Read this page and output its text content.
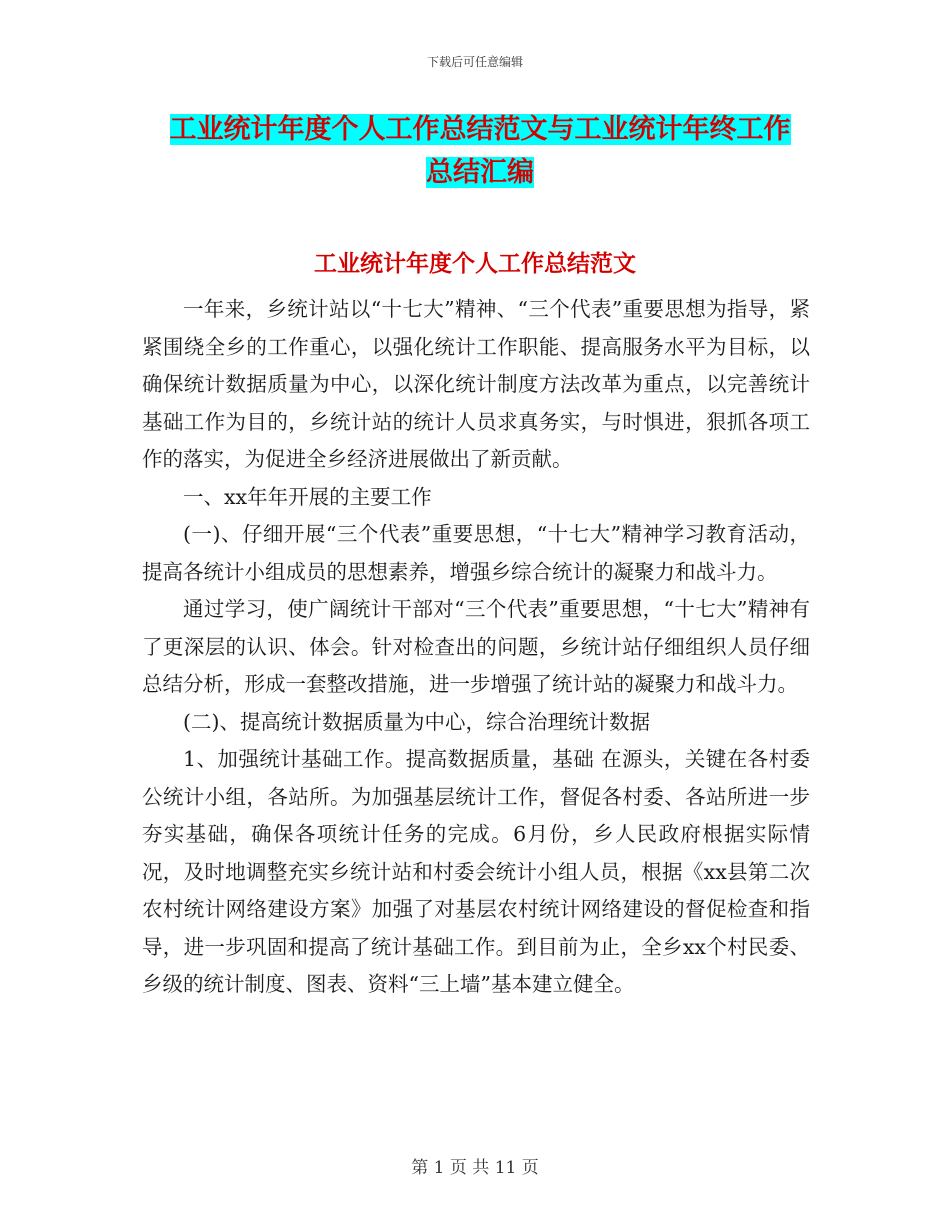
下载后可任意编辑
工业统计年度个人工作总结范文与工业统计年终工作
总结汇编
工业统计年度个人工作总结范文

一年来，乡统计站以“十七大”精神、“三个代表”重要思想为指导，紧紧围绕全乡的工作重心，以强化统计工作职能、提高服务水平为目标，以确保统计数据质量为中心，以深化统计制度方法改革为重点，以完善统计基础工作为目的，乡统计站的统计人员求真务实，与时惧进，狠抓各项工作的落实，为促进全乡经济进展做出了新贡献。

一、xx年年开展的主要工作

(一)、仔细开展“三个代表”重要思想，“十七大”精神学习教育活动，提高各统计小组成员的思想素养，增强乡综合统计的凝聚力和战斗力。

通过学习，使广阔统计干部对“三个代表”重要思想，“十七大”精神有了更深层的认识、体会。针对检查出的问题，乡统计站仔细组织人员仔细总结分析，形成一套整改措施，进一步增强了统计站的凝聚力和战斗力。

(二)、提高统计数据质量为中心，综合治理统计数据

1、加强统计基础工作。提高数据质量，基础 在源头，关键在各村委公统计小组，各站所。为加强基层统计工作，督促各村委、各站所进一步夯实基础，确保各项统计任务的完成。6月份，乡人民政府根据实际情况，及时地调整充实乡统计站和村委会统计小组人员，根据《xx县第二次农村统计网络建设方案》加强了对基层农村统计网络建设的督促检查和指导，进一步巩固和提高了统计基础工作。到目前为止，全乡xx个村民委、乡级的统计制度、图表、资料“三上墙”基本建立健全。

第 1 页 共 11 页
